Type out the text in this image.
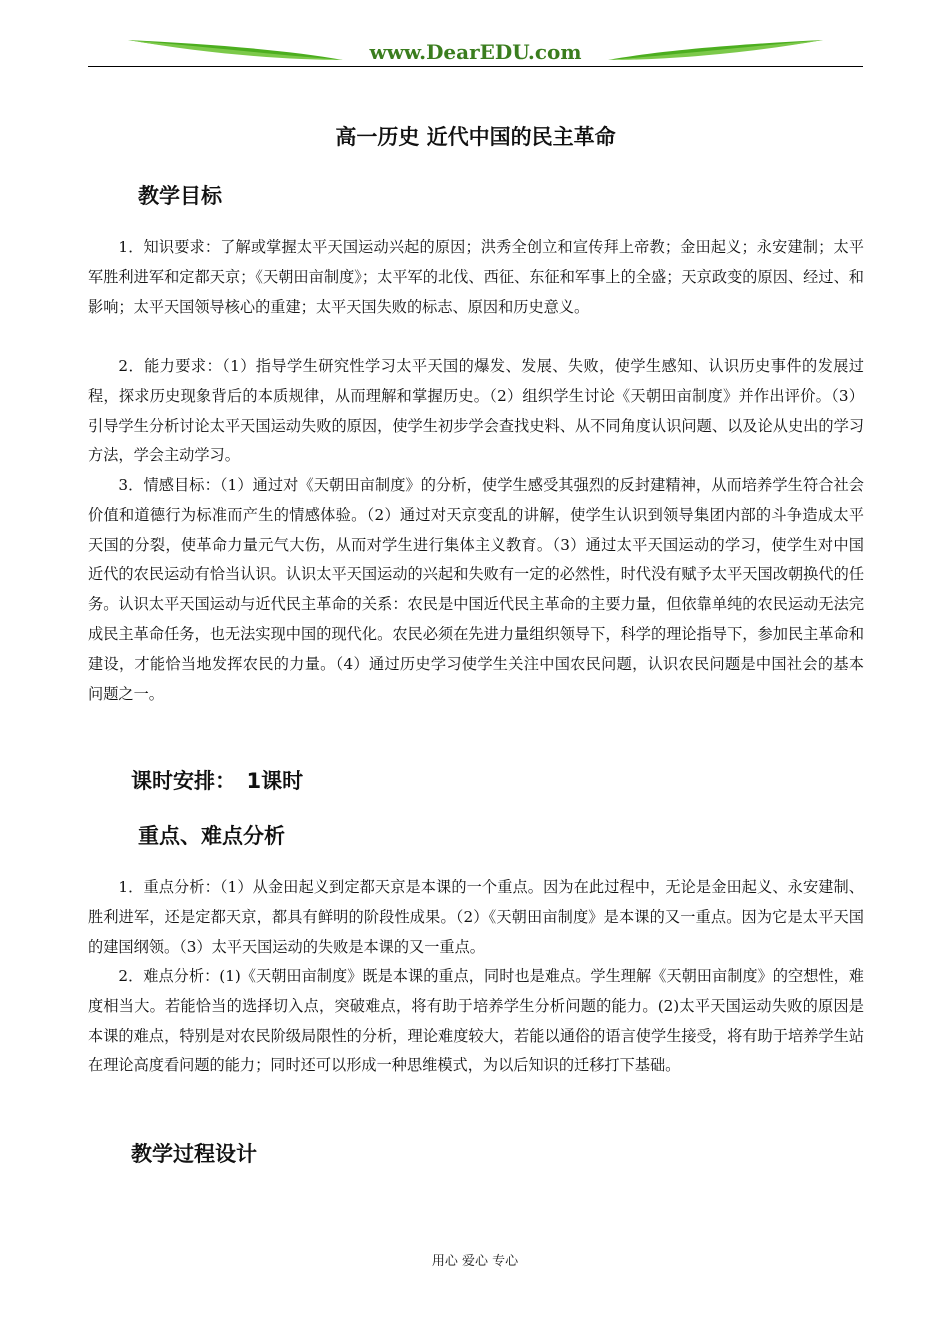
www.DearEDU.com
高一历史 近代中国的民主革命
教学目标

1．知识要求：了解或掌握太平天国运动兴起的原因；洪秀全创立和宣传拜上帝教；金田起义；永安建制；太平军胜利进军和定都天京；《天朝田亩制度》；太平军的北伐、西征、东征和军事上的全盛；天京政变的原因、经过、和影响；太平天国领导核心的重建；太平天国失败的标志、原因和历史意义。

2．能力要求：（1）指导学生研究性学习太平天国的爆发、发展、失败，使学生感知、认识历史事件的发展过程，探求历史现象背后的本质规律，从而理解和掌握历史。（2）组织学生讨论《天朝田亩制度》并作出评价。（3）引导学生分析讨论太平天国运动失败的原因，使学生初步学会查找史料、从不同角度认识问题、以及论从史出的学习方法，学会主动学习。

3．情感目标：（1）通过对《天朝田亩制度》的分析，使学生感受其强烈的反封建精神，从而培养学生符合社会价值和道德行为标准而产生的情感体验。（2）通过对天京变乱的讲解，使学生认识到领导集团内部的斗争造成太平天国的分裂，使革命力量元气大伤，从而对学生进行集体主义教育。（3）通过太平天国运动的学习，使学生对中国近代的农民运动有恰当认识。认识太平天国运动的兴起和失败有一定的必然性，时代没有赋予太平天国改朝换代的任务。认识太平天国运动与近代民主革命的关系：农民是中国近代民主革命的主要力量，但依靠单纯的农民运动无法完成民主革命任务，也无法实现中国的现代化。农民必须在先进力量组织领导下，科学的理论指导下，参加民主革命和建设，才能恰当地发挥农民的力量。（4）通过历史学习使学生关注中国农民问题，认识农民问题是中国社会的基本问题之一。

课时安排：　1课时
重点、难点分析

1．重点分析：（1）从金田起义到定都天京是本课的一个重点。因为在此过程中，无论是金田起义、永安建制、胜利进军，还是定都天京，都具有鲜明的阶段性成果。（2）《天朝田亩制度》是本课的又一重点。因为它是太平天国的建国纲领。（3）太平天国运动的失败是本课的又一重点。

2．难点分析：(1)《天朝田亩制度》既是本课的重点，同时也是难点。学生理解《天朝田亩制度》的空想性，难度相当大。若能恰当的选择切入点，突破难点，将有助于培养学生分析问题的能力。(2)太平天国运动失败的原因是本课的难点，特别是对农民阶级局限性的分析，理论难度较大，若能以通俗的语言使学生接受，将有助于培养学生站在理论高度看问题的能力；同时还可以形成一种思维模式，为以后知识的迁移打下基础。

教学过程设计
用心 爱心 专心
